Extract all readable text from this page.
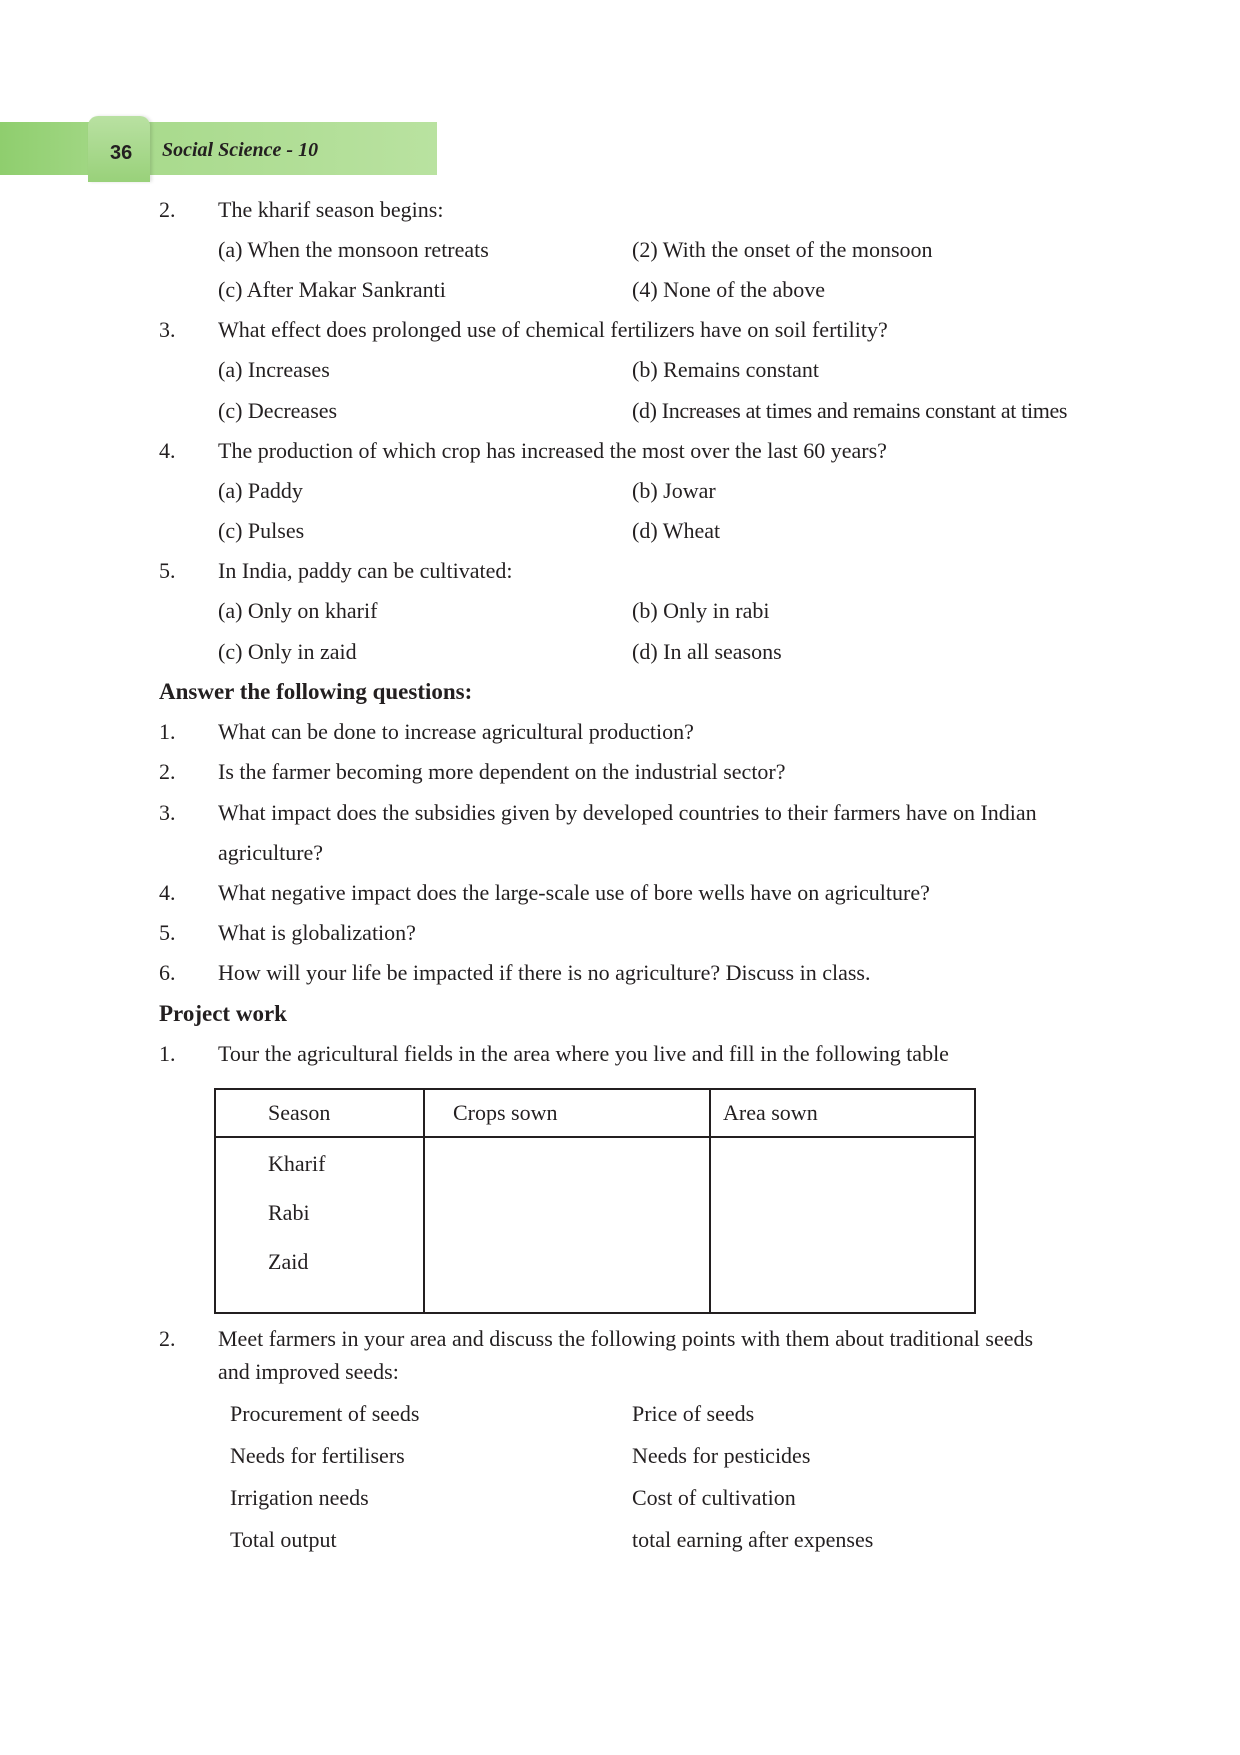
36 Social Science - 10
2. The kharif season begins:
(a) When the monsoon retreats	(2) With the onset of the monsoon
(c) After Makar Sankranti	(4) None of the above
3. What effect does prolonged use of chemical fertilizers have on soil fertility?
(a) Increases	(b) Remains constant
(c) Decreases	(d) Increases at times and remains constant at times
4. The production of which crop has increased the most over the last 60 years?
(a) Paddy	(b) Jowar
(c) Pulses	(d) Wheat
5. In India, paddy can be cultivated:
(a) Only on kharif	(b) Only in rabi
(c) Only in zaid	(d) In all seasons
Answer the following questions:
1. What can be done to increase agricultural production?
2. Is the farmer becoming more dependent on the industrial sector?
3. What impact does the subsidies given by developed countries to their farmers have on Indian
agriculture?
4. What negative impact does the large-scale use of bore wells have on agriculture?
5. What is globalization?
6. How will your life be impacted if there is no agriculture? Discuss in class.
Project work
1. Tour the agricultural fields in the area where you live and fill in the following table
Season	Crops sown	Area sown

Kharif
Rabi
Zaid		

2. Meet farmers in your area and discuss the following points with them about traditional seeds
and improved seeds:
Procurement of seeds	Price of seeds
Needs for fertilisers	Needs for pesticides
Irrigation needs	Cost of cultivation
Total output	total earning after expenses
